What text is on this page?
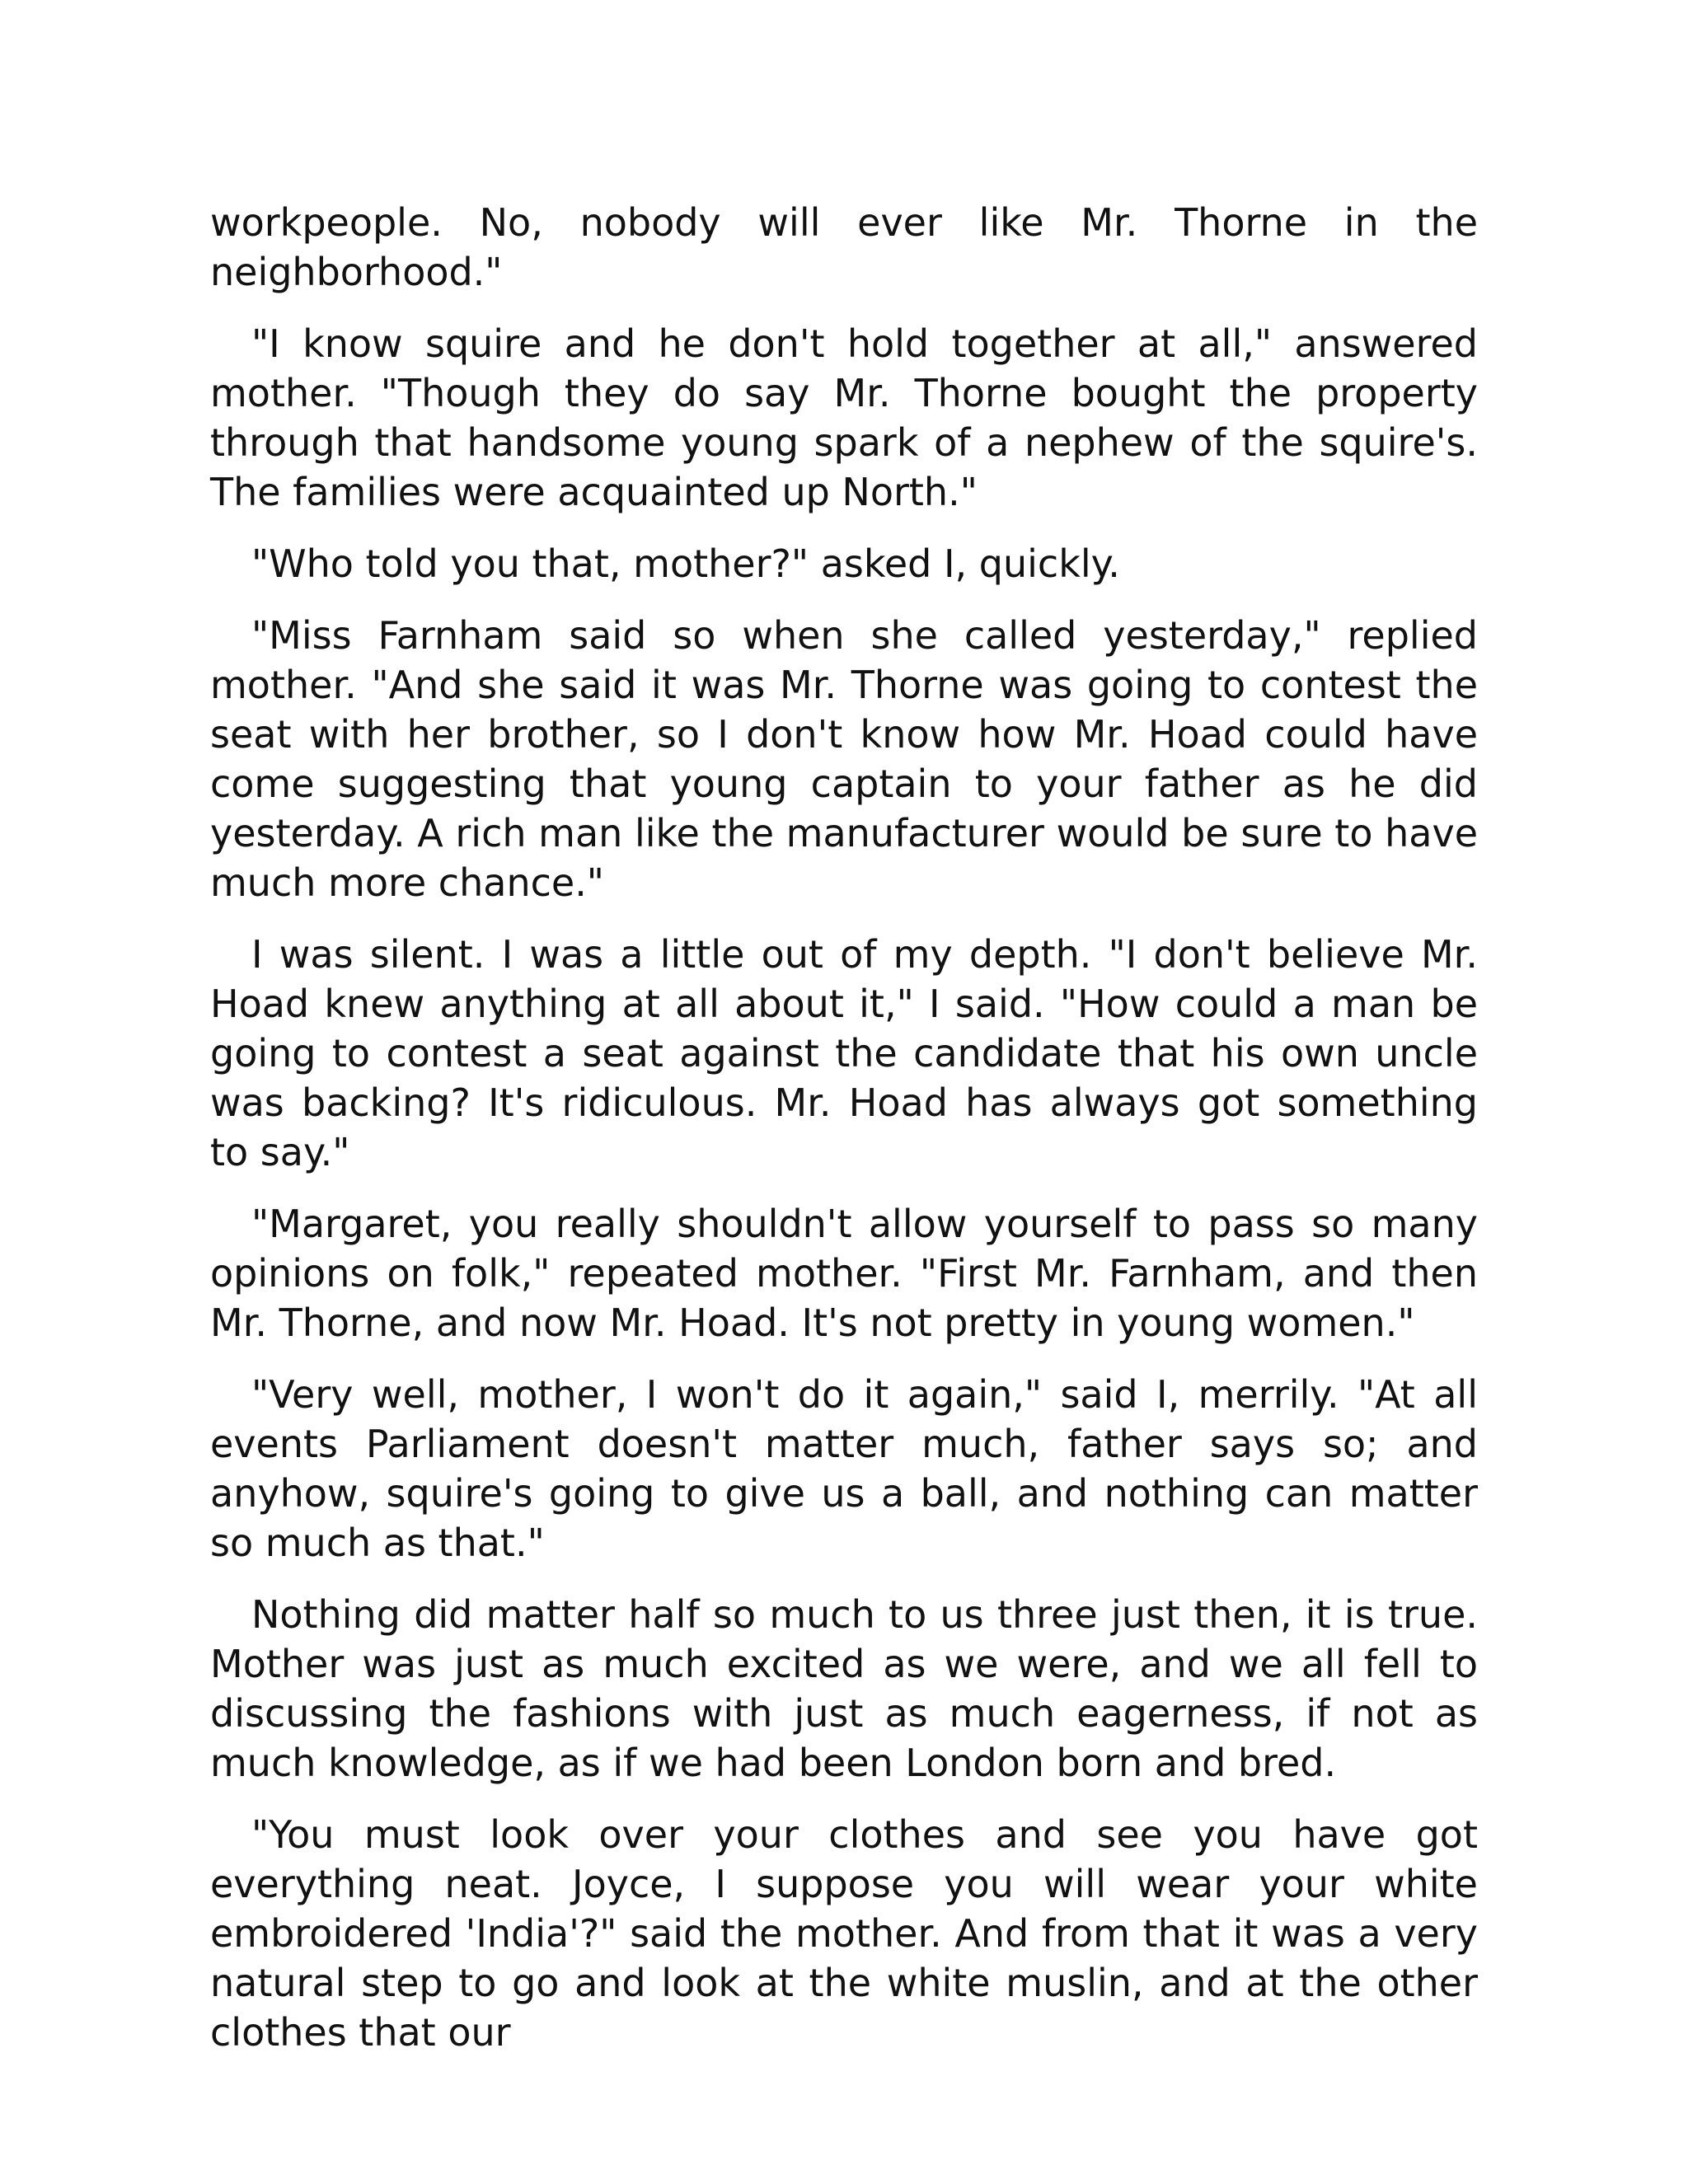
workpeople. No, nobody will ever like Mr. Thorne in the neighborhood."

"I know squire and he don't hold together at all," answered mother. "Though they do say Mr. Thorne bought the property through that handsome young spark of a nephew of the squire's. The families were acquainted up North."

"Who told you that, mother?" asked I, quickly.

"Miss Farnham said so when she called yesterday," replied mother. "And she said it was Mr. Thorne was going to contest the seat with her brother, so I don't know how Mr. Hoad could have come suggesting that young captain to your father as he did yesterday. A rich man like the manufacturer would be sure to have much more chance."

I was silent. I was a little out of my depth. "I don't believe Mr. Hoad knew anything at all about it," I said. "How could a man be going to contest a seat against the candidate that his own uncle was backing? It's ridiculous. Mr. Hoad has always got something to say."

"Margaret, you really shouldn't allow yourself to pass so many opinions on folk," repeated mother. "First Mr. Farnham, and then Mr. Thorne, and now Mr. Hoad. It's not pretty in young women."

"Very well, mother, I won't do it again," said I, merrily. "At all events Parliament doesn't matter much, father says so; and anyhow, squire's going to give us a ball, and nothing can matter so much as that."

Nothing did matter half so much to us three just then, it is true. Mother was just as much excited as we were, and we all fell to discussing the fashions with just as much eagerness, if not as much knowledge, as if we had been London born and bred.

"You must look over your clothes and see you have got everything neat. Joyce, I suppose you will wear your white embroidered 'India'?" said the mother. And from that it was a very natural step to go and look at the white muslin, and at the other clothes that our
